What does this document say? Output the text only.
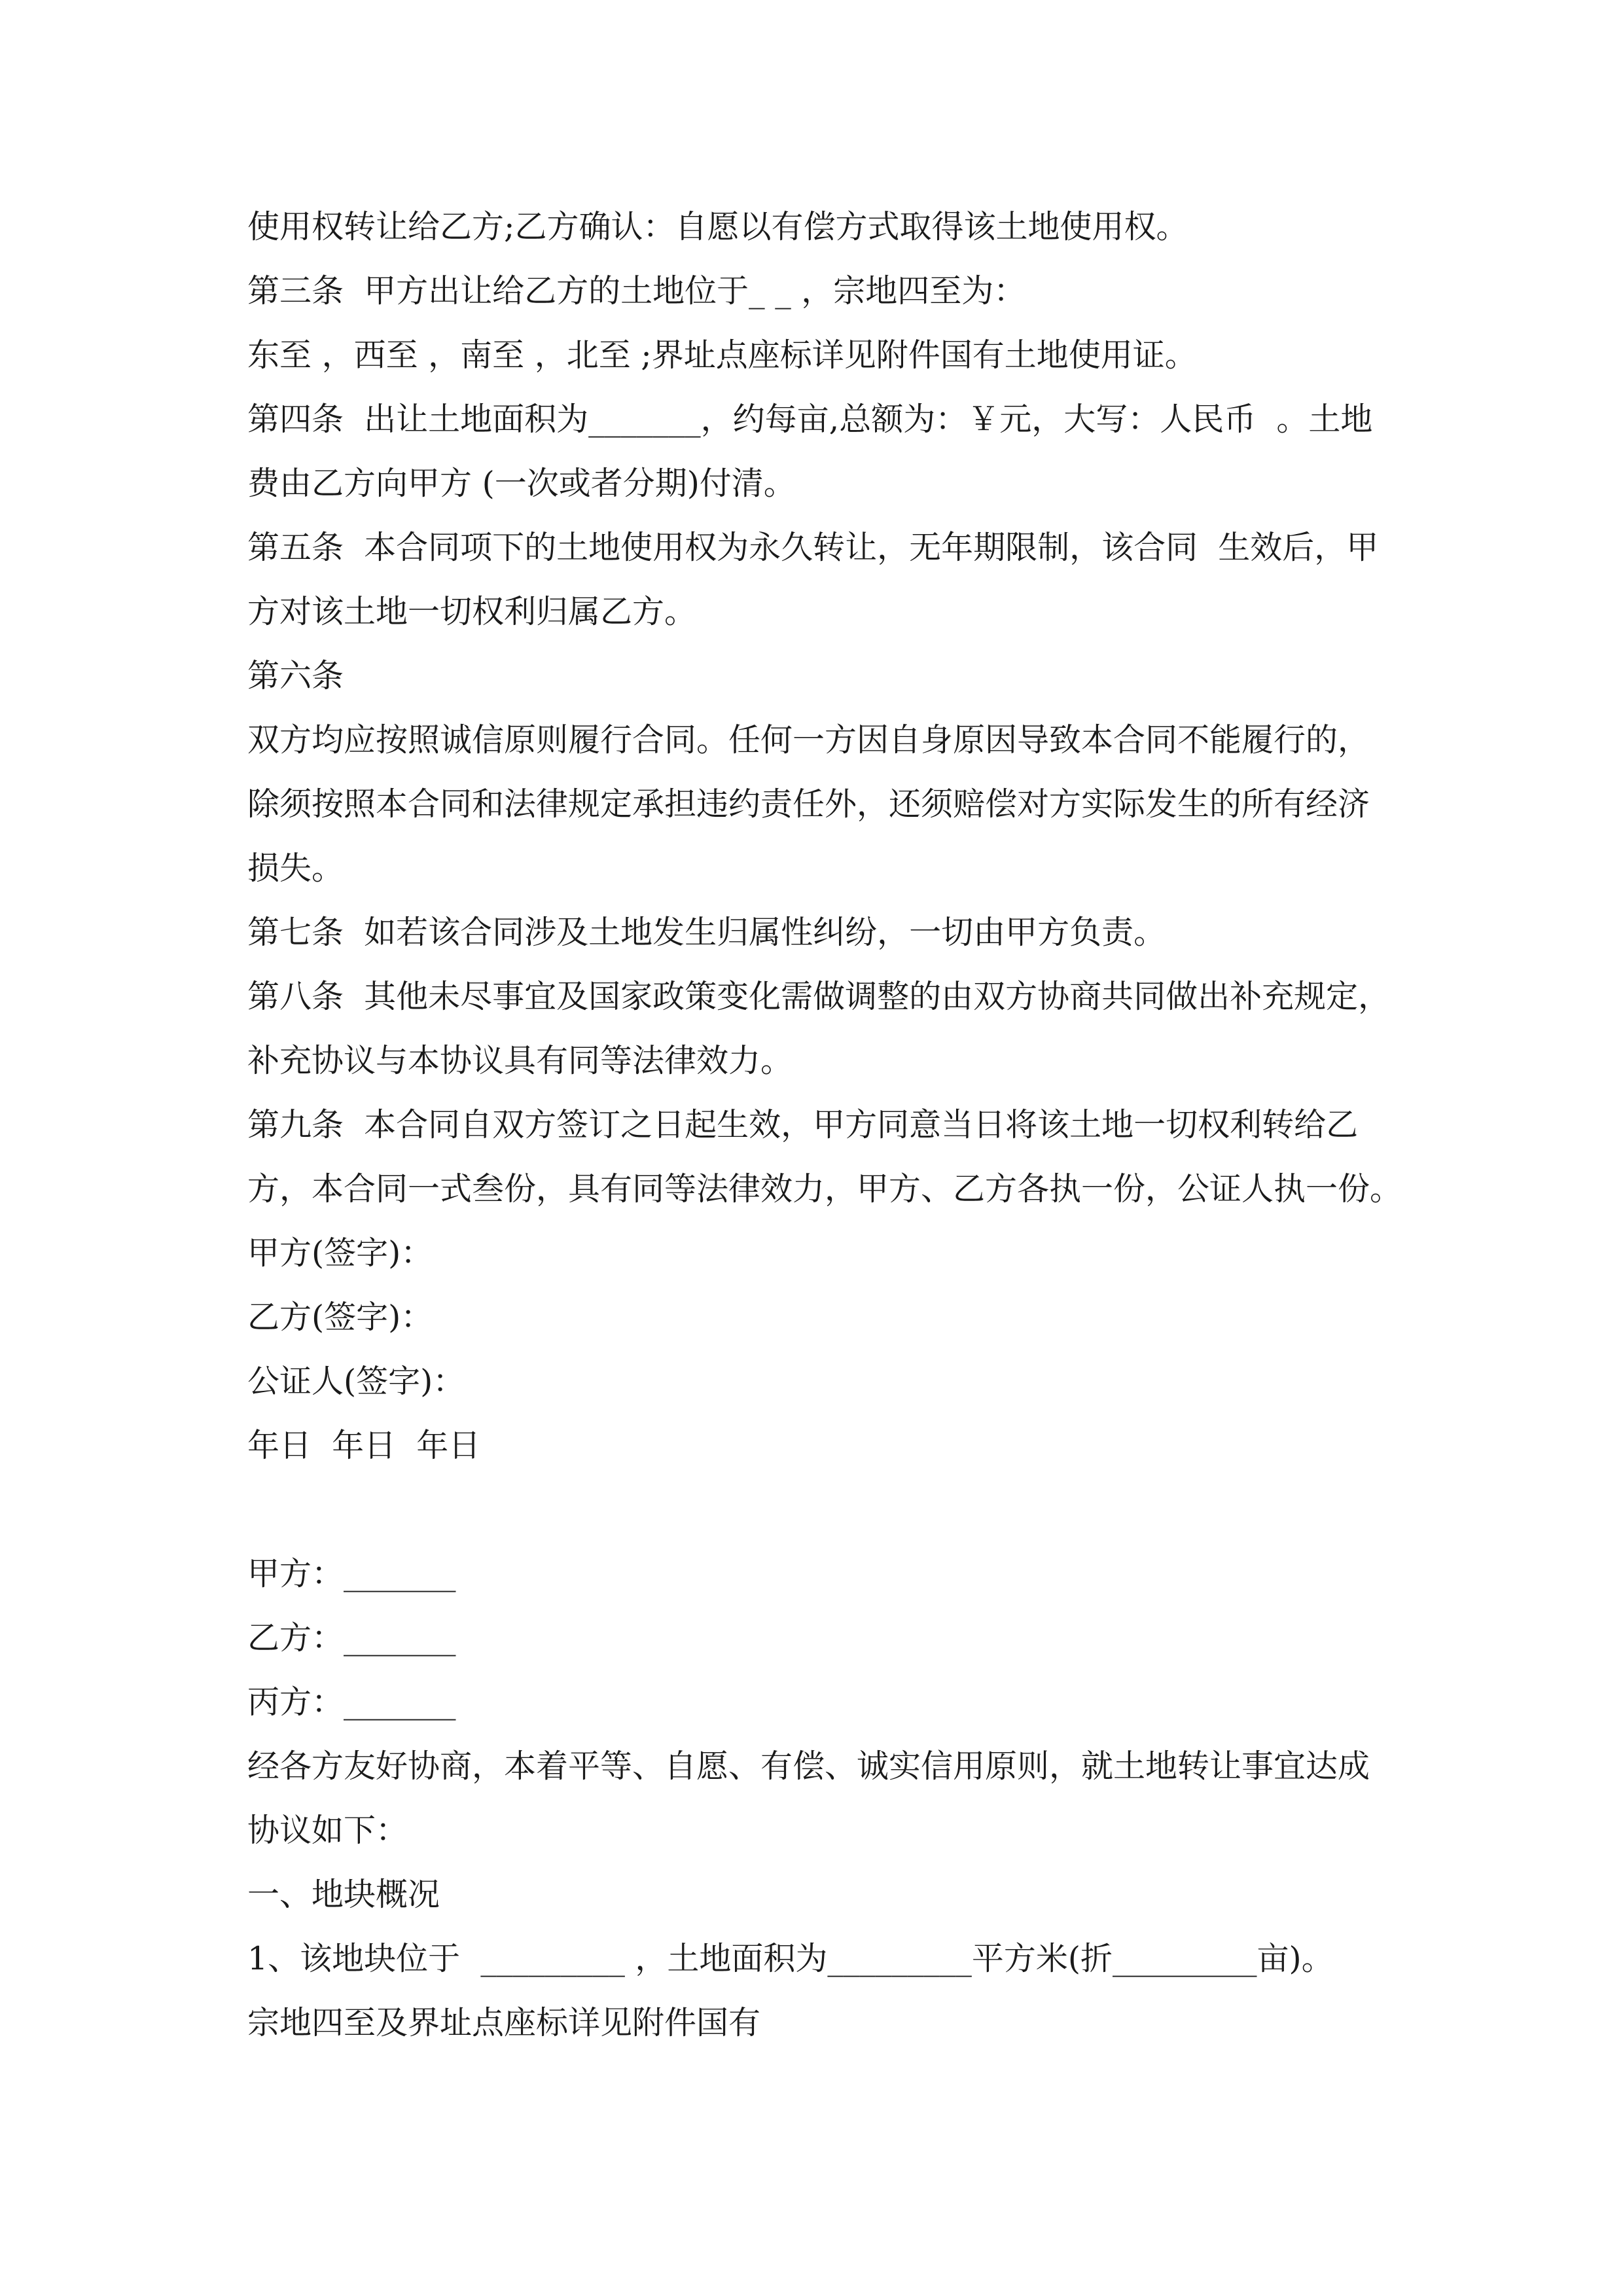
使用权转让给乙方;乙方确认：自愿以有偿方式取得该土地使用权。
第三条  甲方出让给乙方的土地位于_ _ ，宗地四至为：
东至 ，西至 ，南至 ，北至 ;界址点座标详见附件国有土地使用证。
第四条  出让土地面积为_______，约每亩,总额为：￥元，大写：人民币  。土地
费由乙方向甲方 (一次或者分期)付清。
第五条  本合同项下的土地使用权为永久转让，无年期限制，该合同  生效后，甲
方对该土地一切权利归属乙方。
第六条
双方均应按照诚信原则履行合同。任何一方因自身原因导致本合同不能履行的，
除须按照本合同和法律规定承担违约责任外，还须赔偿对方实际发生的所有经济
损失。
第七条  如若该合同涉及土地发生归属性纠纷，一切由甲方负责。
第八条  其他未尽事宜及国家政策变化需做调整的由双方协商共同做出补充规定，
补充协议与本协议具有同等法律效力。
第九条  本合同自双方签订之日起生效，甲方同意当日将该土地一切权利转给乙
方，本合同一式叁份，具有同等法律效力，甲方、乙方各执一份，公证人执一份。
甲方(签字)：
乙方(签字)：
公证人(签字)：
年日  年日  年日
甲方：_______
乙方：_______
丙方：_______
经各方友好协商，本着平等、自愿、有偿、诚实信用原则，就土地转让事宜达成
协议如下：
一、地块概况
1、该地块位于  _________ ，土地面积为_________平方米(折_________亩)。
宗地四至及界址点座标详见附件国有
